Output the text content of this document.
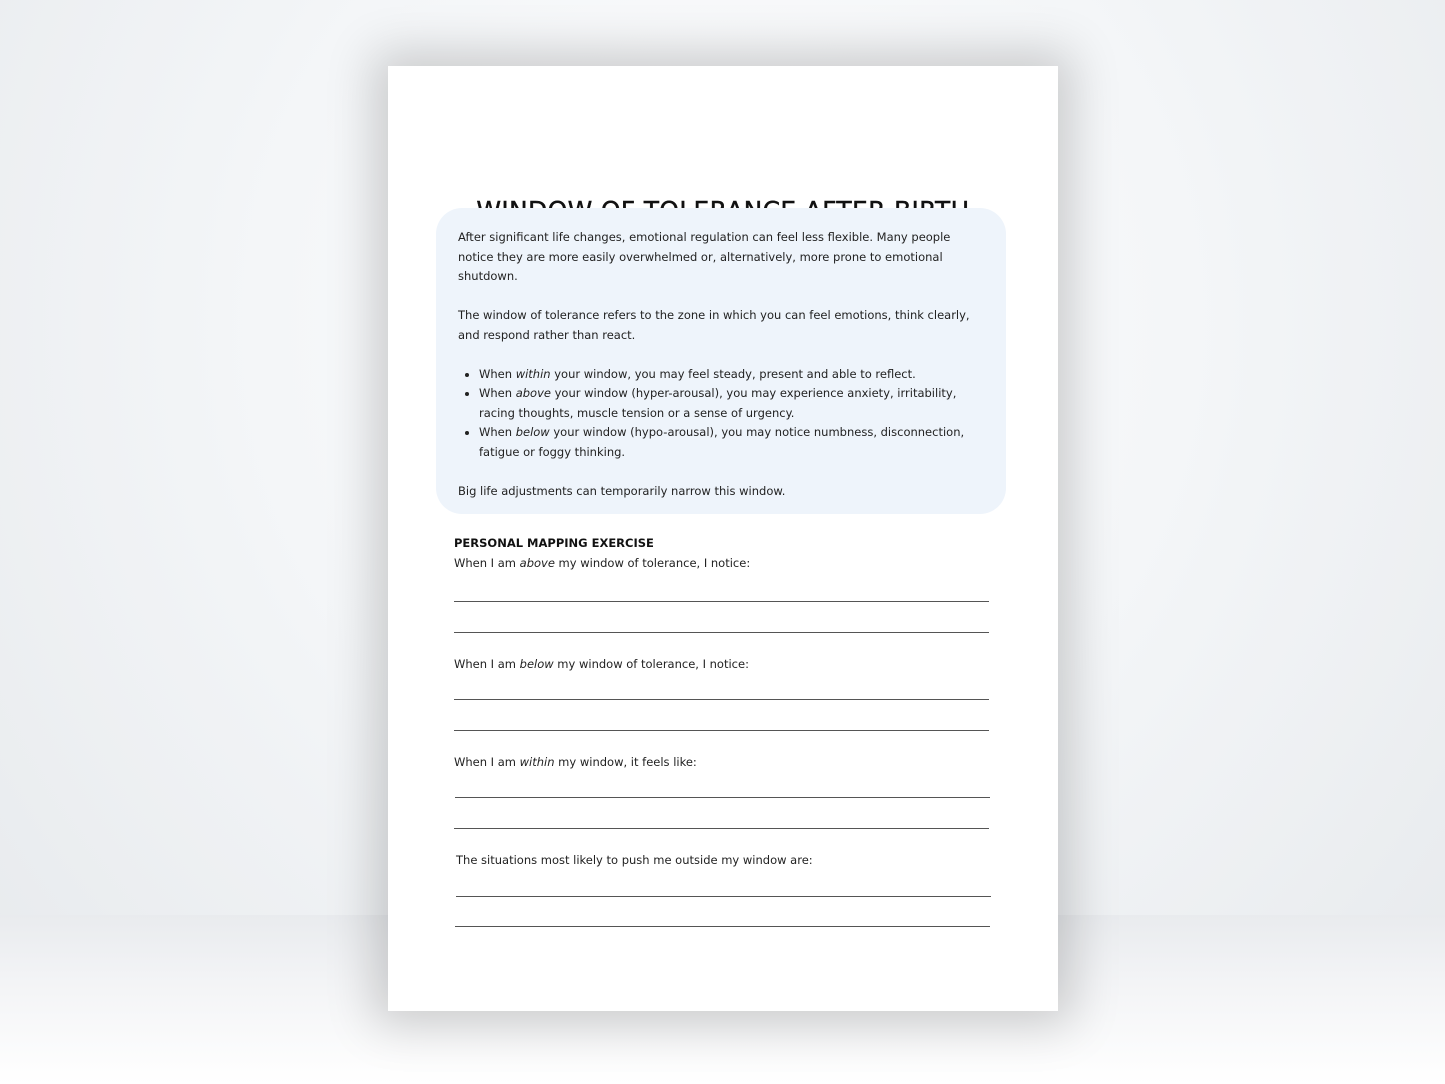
After significant life changes, emotional regulation can feel less flexible. Many people notice they are more easily overwhelmed or, alternatively, more prone to emotional shutdown.

The window of tolerance refers to the zone in which you can feel emotions, think clearly, and respond rather than react.

• When within your window, you may feel steady, present and able to reflect.
• When above your window (hyper-arousal), you may experience anxiety, irritability, racing thoughts, muscle tension or a sense of urgency.
• When below your window (hypo-arousal), you may notice numbness, disconnection, fatigue or foggy thinking.

Big life adjustments can temporarily narrow this window.

PERSONAL MAPPING EXERCISE

When I am above my window of tolerance, I notice:

When I am below my window of tolerance, I notice:

When I am within my window, it feels like:

The situations most likely to push me outside my window are:
